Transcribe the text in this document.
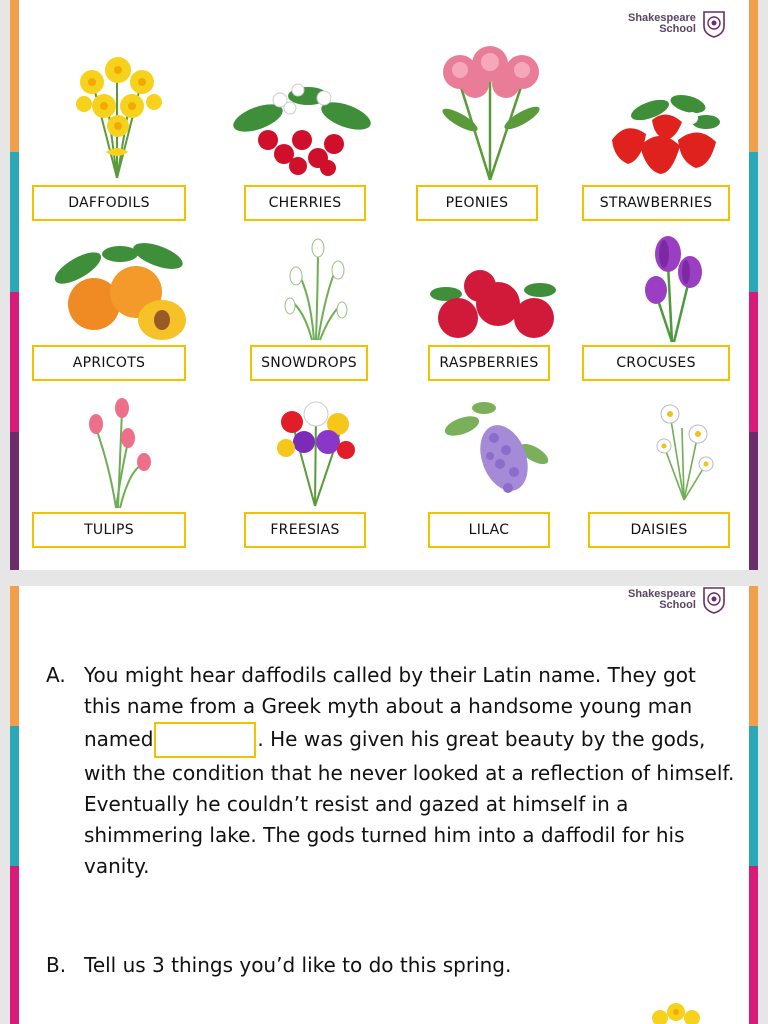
Shakespeare
School
DAFFODILS	CHERRIES	PEONIES	STRAWBERRIES
APRICOTS	SNOWDROPS	RASPBERRIES	CROCUSES
TULIPS	FREESIAS	LILAC	DAISIES
Shakespeare
School
A. You might hear daffodils called by their Latin name. They got this name from a Greek myth about a handsome young man named	. He was given his great beauty by the gods, with the condition that he never looked at a reflection of himself. Eventually he couldn’t resist and gazed at himself in a shimmering lake. The gods turned him into a daffodil for his vanity.
B. Tell us 3 things you’d like to do this spring.
